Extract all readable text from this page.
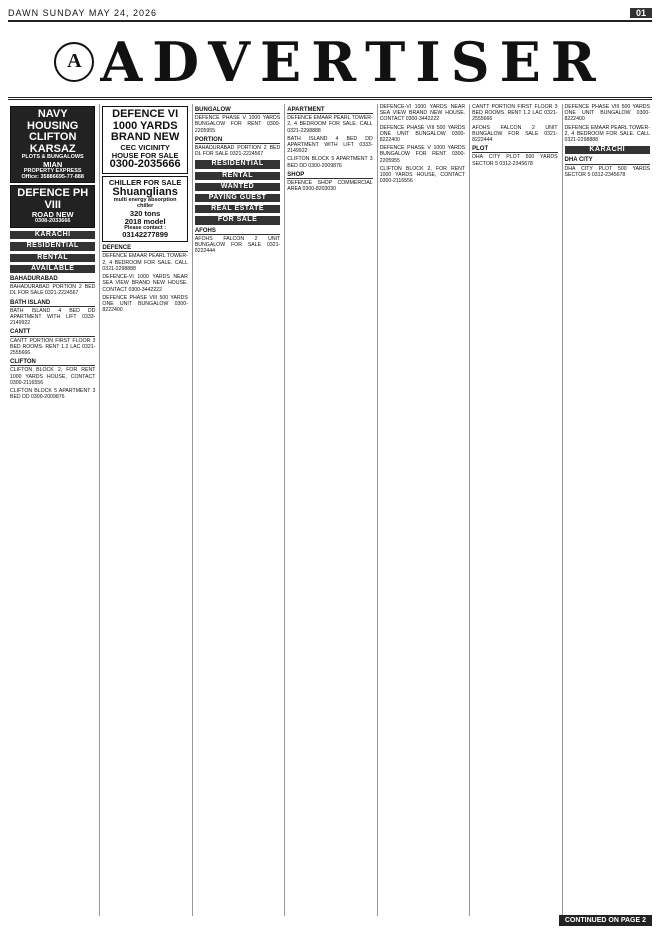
DAWN SUNDAY MAY 24, 2026	01
A ADVERTISER
NAVY
HOUSING
CLIFTON
KARSAZ
PLOTS & BUNGALOWS
MIAN
PROPERTY EXPRESS
Office: 35886695-77-888
DEFENCE PH VIII
ROAD NEW
0308-2033666
KARACHI
RESIDENTIAL
RENTAL
AVAILABLE
BAHADURABAD
BAHADURABAD PORTION 2 BED DL FOR SALE 0321-2224567
BATH ISLAND
BATH ISLAND 4 BED DD APARTMENT WITH LIFT 0333-2149922
CANTT
CANTT PORTION FIRST FLOOR 3 BED ROOMS. RENT 1.2 LAC 0321-2555666
CLIFTON
CLIFTON BLOCK 2, FOR RENT 1000 YARDS HOUSE, CONTACT 0300-2116556
CLIFTON BLOCK 5 APARTMENT 3 BED DD 0300-2009876
DEFENCE VI
1000 YARDS
BRAND NEW
CEC VICINITY
HOUSE FOR SALE
0300-2035666
CHILLER FOR SALE
Shuanglians
multi energy absorption chiller
320 tons
2018 model
Please contact :
03142277899
DEFENCE
DEFENCE EMAAR PEARL TOWER-2, 4 BEDROOM FOR SALE. CALL 0321-2298888
DEFENCE-VI 1000 YARDS NEAR SEA VIEW BRAND NEW HOUSE. CONTACT 0300-3442222
DEFENCE PHASE VIII 500 YARDS ONE UNIT BUNGALOW 0300-8222400
BUNGALOW
DEFENCE PHASE V 1000 YARDS BUNGALOW FOR RENT 0300-2205955
PORTION
BAHADURABAD PORTION 2 BED DL FOR SALE 0321-2224567
RESIDENTIAL
RENTAL
WANTED
PAYING GUEST
REAL ESTATE
FOR SALE
AFOHS
AFOHS FALCON 2 UNIT BUNGALOW FOR SALE 0321-8222444
APARTMENT
DEFENCE EMAAR PEARL TOWER-2, 4 BEDROOM FOR SALE. CALL 0321-2298888
BATH ISLAND 4 BED DD APARTMENT WITH LIFT 0333-2149922
CLIFTON BLOCK 5 APARTMENT 3 BED DD 0300-2009876
SHOP
DEFENCE SHOP COMMERCIAL AREA 0300-8203030
DEFENCE-VI 1000 YARDS NEAR SEA VIEW BRAND NEW HOUSE. CONTACT 0300-3442222
DEFENCE PHASE VIII 500 YARDS ONE UNIT BUNGALOW 0300-8222400
DEFENCE PHASE V 1000 YARDS BUNGALOW FOR RENT 0300-2205955
CLIFTON BLOCK 2, FOR RENT 1000 YARDS HOUSE, CONTACT 0300-2116556
CANTT PORTION FIRST FLOOR 3 BED ROOMS. RENT 1.2 LAC 0321-2555666
AFOHS FALCON 2 UNIT BUNGALOW FOR SALE 0321-8222444
PLOT
DHA CITY PLOT 500 YARDS SECTOR 5 0312-2345678
DEFENCE PHASE VIII 500 YARDS ONE UNIT BUNGALOW 0300-8222400
DEFENCE EMAAR PEARL TOWER-2, 4 BEDROOM FOR SALE. CALL 0321-2298888
KARACHI
DHA CITY
DHA CITY PLOT 500 YARDS SECTOR 5 0312-2345678
CONTINUED ON PAGE 2
